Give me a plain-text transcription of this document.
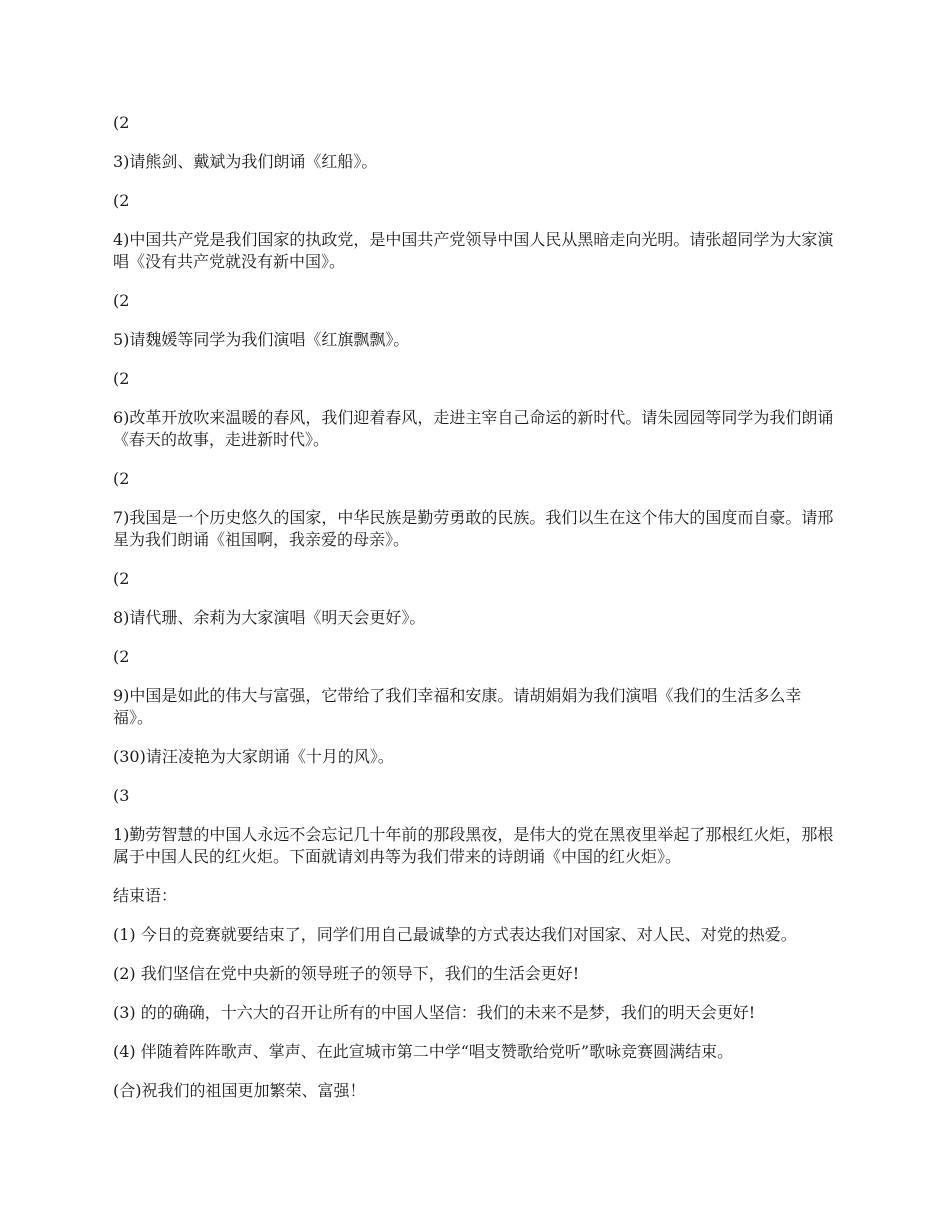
(2

3)请熊剑、戴斌为我们朗诵《红船》。

(2

4)中国共产党是我们国家的执政党，是中国共产党领导中国人民从黑暗走向光明。请张超同学为大家演唱《没有共产党就没有新中国》。

(2

5)请魏媛等同学为我们演唱《红旗飘飘》。

(2

6)改革开放吹来温暖的春风，我们迎着春风，走进主宰自己命运的新时代。请朱园园等同学为我们朗诵《春天的故事，走进新时代》。

(2

7)我国是一个历史悠久的国家，中华民族是勤劳勇敢的民族。我们以生在这个伟大的国度而自豪。请邢星为我们朗诵《祖国啊，我亲爱的母亲》。

(2

8)请代珊、余莉为大家演唱《明天会更好》。

(2

9)中国是如此的伟大与富强，它带给了我们幸福和安康。请胡娟娟为我们演唱《我们的生活多么幸福》。

(30)请汪凌艳为大家朗诵《十月的风》。

(3

1)勤劳智慧的中国人永远不会忘记几十年前的那段黑夜，是伟大的党在黑夜里举起了那根红火炬，那根属于中国人民的红火炬。下面就请刘冉等为我们带来的诗朗诵《中国的红火炬》。

结束语：

(1) 今日的竞赛就要结束了，同学们用自己最诚挚的方式表达我们对国家、对人民、对党的热爱。

(2) 我们坚信在党中央新的领导班子的领导下，我们的生活会更好!

(3) 的的确确，十六大的召开让所有的中国人坚信：我们的未来不是梦，我们的明天会更好!

(4) 伴随着阵阵歌声、掌声、在此宣城市第二中学“唱支赞歌给党听”歌咏竞赛圆满结束。

(合)祝我们的祖国更加繁荣、富强！
